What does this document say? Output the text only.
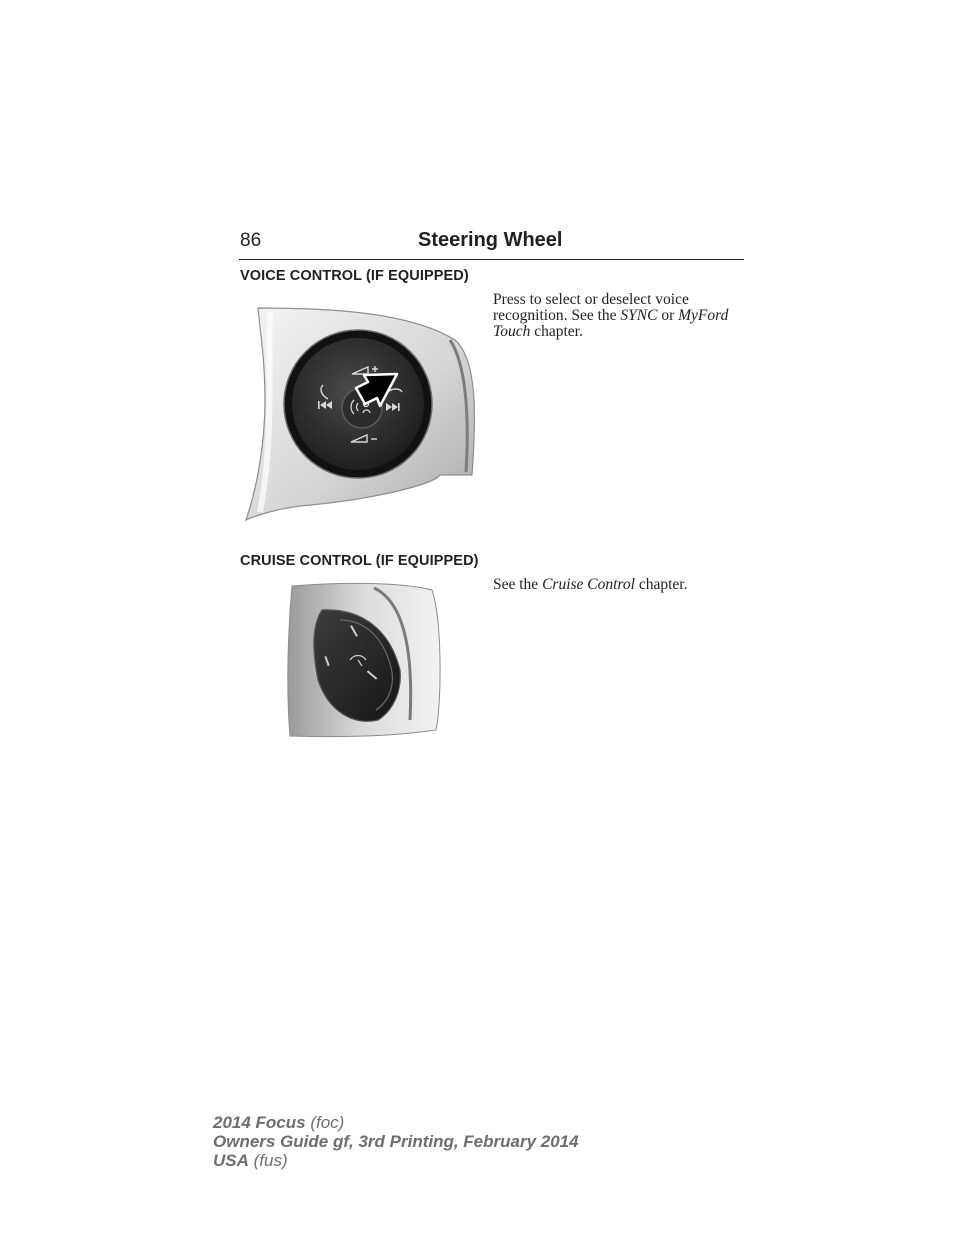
86	Steering Wheel
VOICE CONTROL (IF EQUIPPED)
Press to select or deselect voice recognition. See the SYNC or MyFord Touch chapter.
CRUISE CONTROL (IF EQUIPPED)
See the Cruise Control chapter.
2014 Focus (foc)
Owners Guide gf, 3rd Printing, February 2014
USA (fus)
